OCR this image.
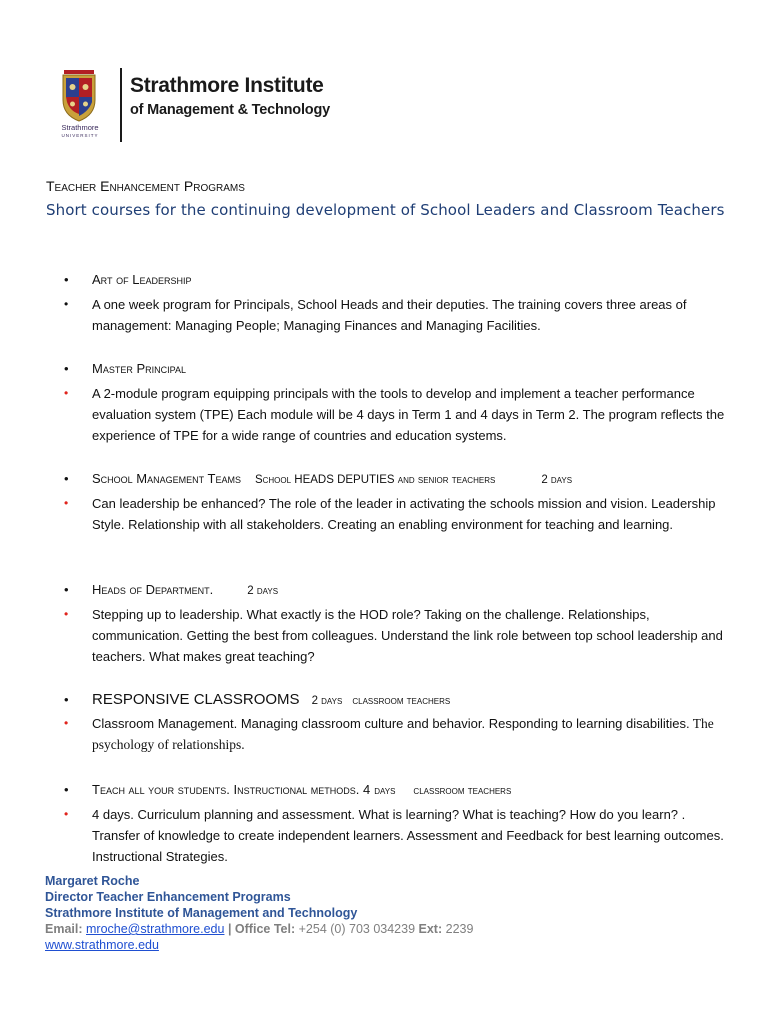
Strathmore
UNIVERSITY
Strathmore Institute
of Management & Technology
Teacher Enhancement Programs
Short courses for the continuing development of School Leaders and Classroom Teachers
•	Art of Leadership
•	A one week program for Principals, School Heads and their deputies. The training covers three areas of management: Managing People; Managing Finances and Managing Facilities.
•	Master Principal
•	A 2-module program equipping principals with the tools to develop and implement a teacher performance evaluation system (TPE) Each module will be 4 days in Term 1 and 4 days in Term 2. The program reflects the experience of TPE for a wide range of countries and education systems.
•	School Management Teams School HEADS DEPUTIES and senior teachers	2 days
•	Can leadership be enhanced? The role of the leader in activating the schools mission and vision. Leadership Style. Relationship with all stakeholders. Creating an enabling environment for teaching and learning.
•	Heads of Department.	2 days
•	Stepping up to leadership. What exactly is the HOD role? Taking on the challenge. Relationships, communication. Getting the best from colleagues. Understand the link role between top school leadership and teachers. What makes great teaching?
•	RESPONSIVE CLASSROOMS 2 days classroom teachers
•	Classroom Management. Managing classroom culture and behavior. Responding to learning disabilities. The psychology of relationships.
•	Teach all your students. Instructional methods. 4 days classroom teachers
•	4 days. Curriculum planning and assessment. What is learning? What is teaching? How do you learn? . Transfer of knowledge to create independent learners. Assessment and Feedback for best learning outcomes. Instructional Strategies.
Margaret Roche
Director Teacher Enhancement Programs
Strathmore Institute of Management and Technology
Email: mroche@strathmore.edu | Office Tel: +254 (0) 703 034239 Ext: 2239
www.strathmore.edu
